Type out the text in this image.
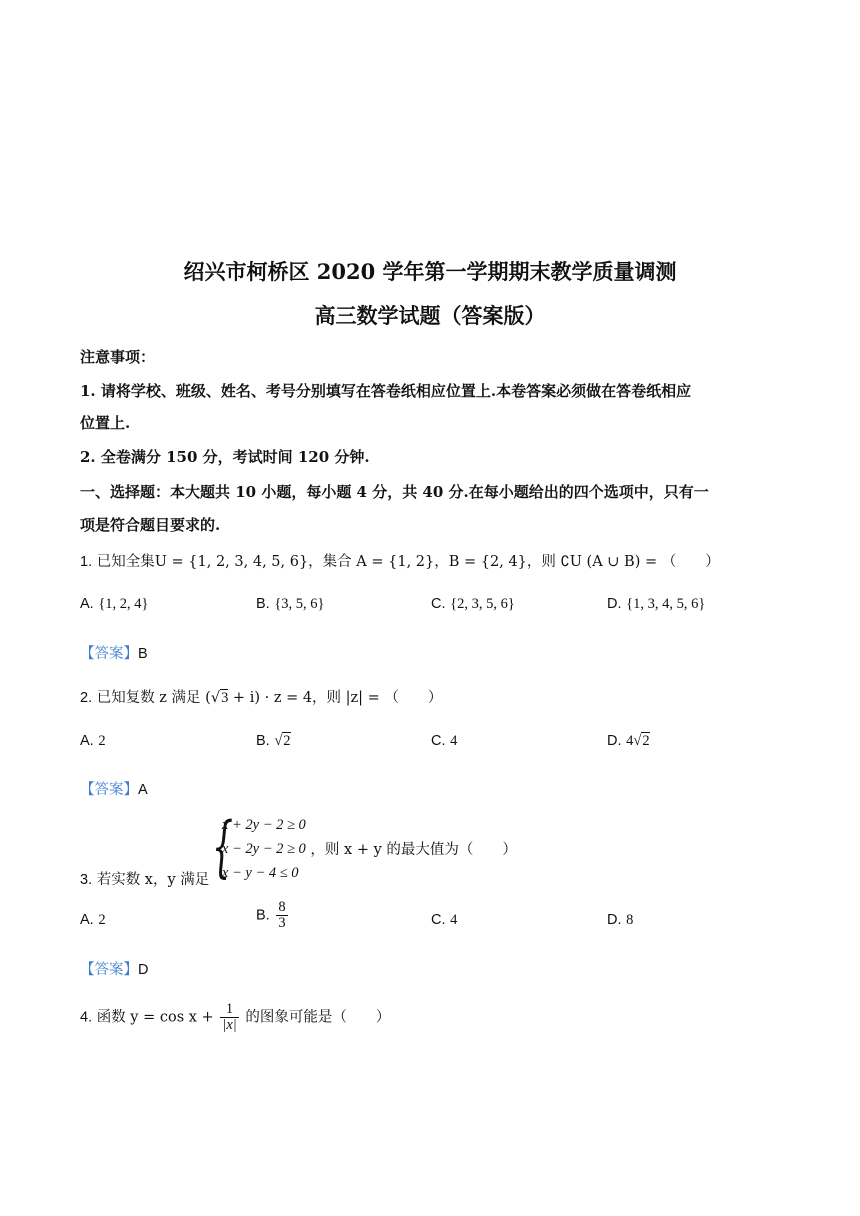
绍兴市柯桥区 2020 学年第一学期期末教学质量调测
高三数学试题（答案版）
注意事项：
1. 请将学校、班级、姓名、考号分别填写在答卷纸相应位置上.本卷答案必须做在答卷纸相应
位置上.
2. 全卷满分 150 分，考试时间 120 分钟.
一、选择题：本大题共 10 小题，每小题 4 分，共 40 分.在每小题给出的四个选项中，只有一
项是符合题目要求的.
1. 已知全集U = {1, 2, 3, 4, 5, 6}，集合 A = {1, 2}，B = {2, 4}，则 ∁U (A ∪ B) = （　　）
A. {1, 2, 4}	B. {3, 5, 6}	C. {2, 3, 5, 6}	D. {1, 3, 4, 5, 6}
【答案】B
2. 已知复数 z 满足 (√3 + i) · z = 4，则 |z| = （　　）
A. 2	B. √2	C. 4	D. 4√2
【答案】A
3. 若实数 x，y 满足 {
x + 2y − 2 ≥ 0
x − 2y − 2 ≥ 0
x − y − 4 ≤ 0
，则 x + y 的最大值为（　　）
A. 2	B. $\frac{8}{3}$	C. 4	D. 8
【答案】D
4. 函数 $y = \cos x + \frac{1}{|x|}$ 的图象可能是（　　）
